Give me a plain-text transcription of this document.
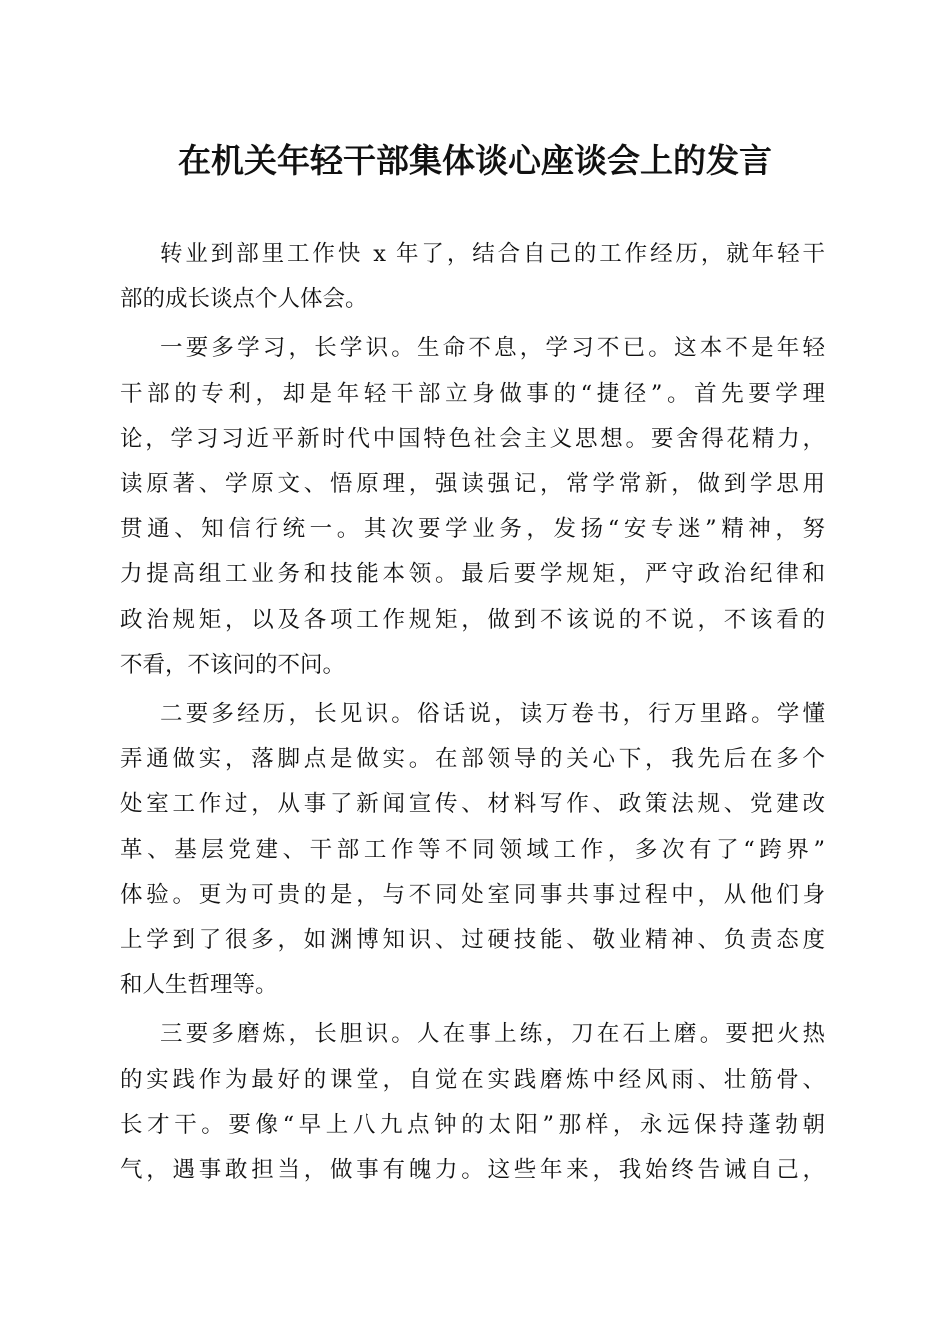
在机关年轻干部集体谈心座谈会上的发言
转业到部里工作快 x 年了，结合自己的工作经历，就年轻干
部的成长谈点个人体会。
一要多学习，长学识。生命不息，学习不已。这本不是年轻
干部的专利，却是年轻干部立身做事的“捷径”。首先要学理
论，学习习近平新时代中国特色社会主义思想。要舍得花精力，
读原著、学原文、悟原理，强读强记，常学常新，做到学思用
贯通、知信行统一。其次要学业务，发扬“安专迷”精神，努
力提高组工业务和技能本领。最后要学规矩，严守政治纪律和
政治规矩，以及各项工作规矩，做到不该说的不说，不该看的
不看，不该问的不问。
二要多经历，长见识。俗话说，读万卷书，行万里路。学懂
弄通做实，落脚点是做实。在部领导的关心下，我先后在多个
处室工作过，从事了新闻宣传、材料写作、政策法规、党建改
革、基层党建、干部工作等不同领域工作，多次有了“跨界”
体验。更为可贵的是，与不同处室同事共事过程中，从他们身
上学到了很多，如渊博知识、过硬技能、敬业精神、负责态度
和人生哲理等。
三要多磨炼，长胆识。人在事上练，刀在石上磨。要把火热
的实践作为最好的课堂，自觉在实践磨炼中经风雨、壮筋骨、
长才干。要像“早上八九点钟的太阳”那样，永远保持蓬勃朝
气，遇事敢担当，做事有魄力。这些年来，我始终告诫自己，
